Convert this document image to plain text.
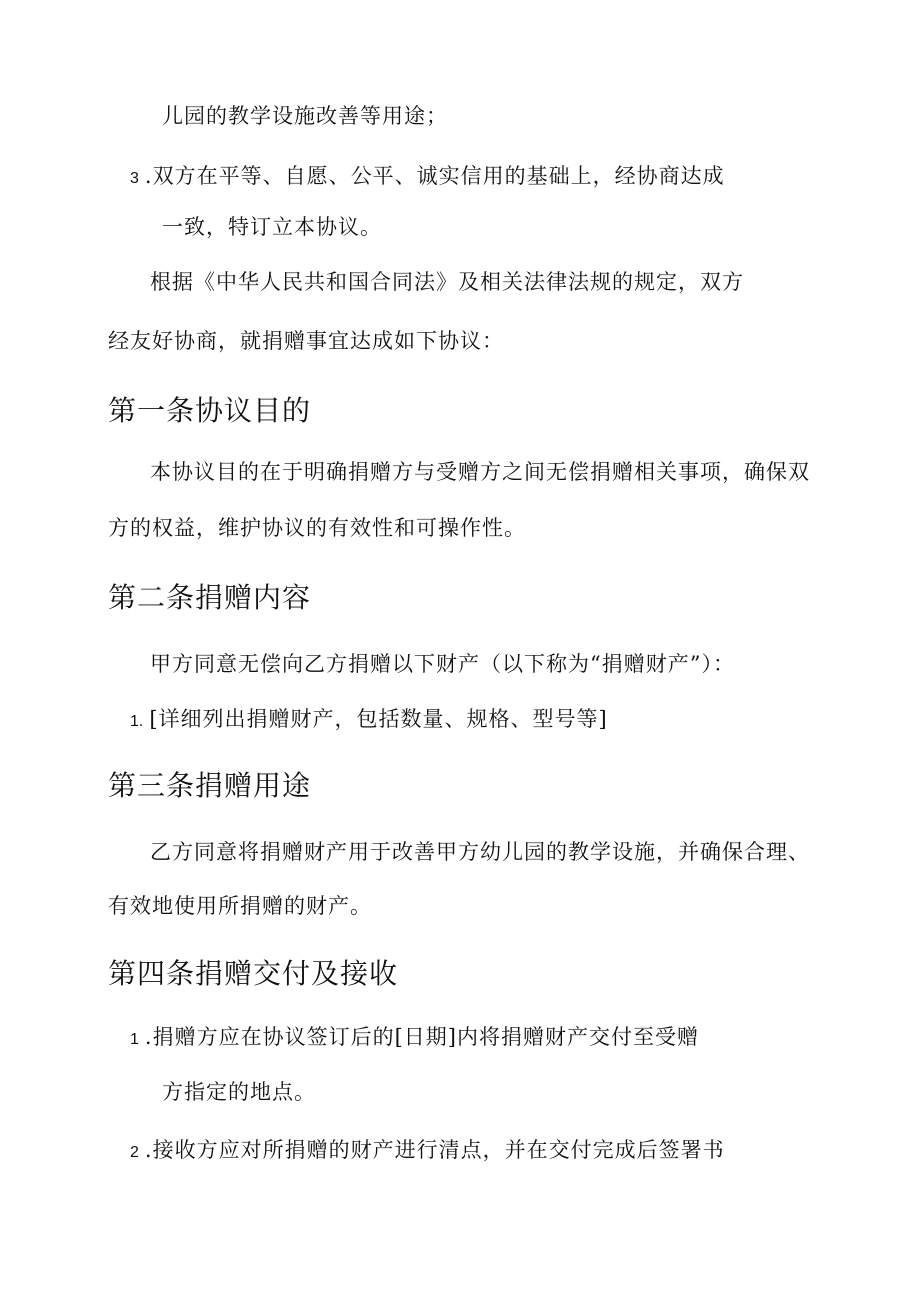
儿园的教学设施改善等用途；
3 .双方在平等、自愿、公平、诚实信用的基础上，经协商达成
一致，特订立本协议。
根据《中华人民共和国合同法》及相关法律法规的规定，双方
经友好协商，就捐赠事宜达成如下协议：
第一条协议目的
本协议目的在于明确捐赠方与受赠方之间无偿捐赠相关事项，确保双
方的权益，维护协议的有效性和可操作性。
第二条捐赠内容
甲方同意无偿向乙方捐赠以下财产（以下称为“捐赠财产”）：
1. [详细列出捐赠财产，包括数量、规格、型号等]
第三条捐赠用途
乙方同意将捐赠财产用于改善甲方幼儿园的教学设施，并确保合理、
有效地使用所捐赠的财产。
第四条捐赠交付及接收
1 .捐赠方应在协议签订后的[日期]内将捐赠财产交付至受赠
方指定的地点。
2 .接收方应对所捐赠的财产进行清点，并在交付完成后签署书
